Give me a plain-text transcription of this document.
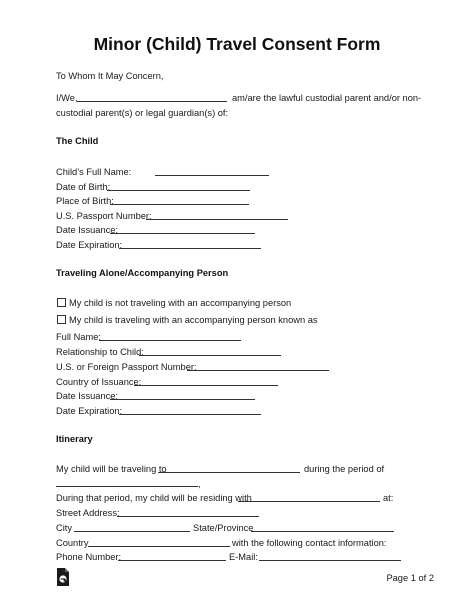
Minor (Child) Travel Consent Form
To Whom It May Concern,
I/We,	am/are the lawful custodial parent and/or non-
custodial parent(s) or legal guardian(s) of:
The Child
Child’s Full Name:
Date of Birth:
Place of Birth:
U.S. Passport Number:
Date Issuance:
Date Expiration:
Traveling Alone/Accompanying Person
My child is not traveling with an accompanying person
My child is traveling with an accompanying person known as
Full Name:
Relationship to Child:
U.S. or Foreign Passport Number:
Country of Issuance:
Date Issuance:
Date Expiration:
Itinerary
My child will be traveling to	during the period of
,
During that period, my child will be residing with	at:
Street Address:
City	State/Province
Country	with the following contact information:
Phone Number:	E-Mail:
Page 1 of 2
